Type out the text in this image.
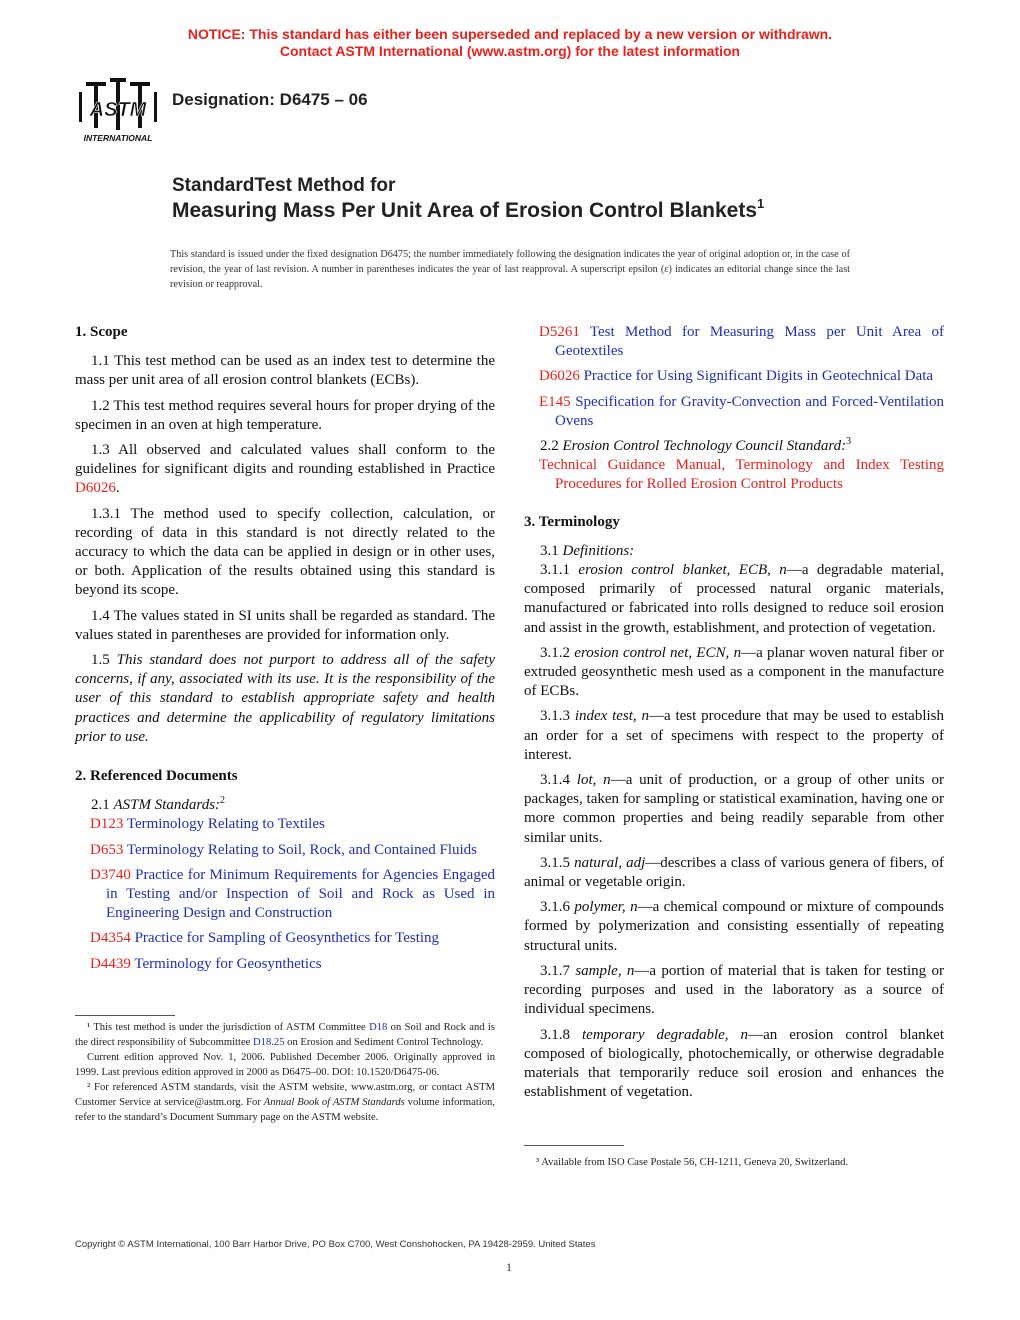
NOTICE: This standard has either been superseded and replaced by a new version or withdrawn.
Contact ASTM International (www.astm.org) for the latest information
ASTM
INTERNATIONAL
Designation: D6475 – 06
StandardTest Method for
Measuring Mass Per Unit Area of Erosion Control Blankets$^1$
This standard is issued under the fixed designation D6475; the number immediately following the designation indicates the year of original adoption or, in the case of revision, the year of last revision. A number in parentheses indicates the year of last reapproval. A superscript epsilon (ε) indicates an editorial change since the last revision or reapproval.
1. Scope

1.1 This test method can be used as an index test to determine the mass per unit area of all erosion control blankets (ECBs).

1.2 This test method requires several hours for proper drying of the specimen in an oven at high temperature.

1.3 All observed and calculated values shall conform to the guidelines for significant digits and rounding established in Practice D6026.

1.3.1 The method used to specify collection, calculation, or recording of data in this standard is not directly related to the accuracy to which the data can be applied in design or in other uses, or both. Application of the results obtained using this standard is beyond its scope.

1.4 The values stated in SI units shall be regarded as standard. The values stated in parentheses are provided for information only.

1.5 This standard does not purport to address all of the safety concerns, if any, associated with its use. It is the responsibility of the user of this standard to establish appropriate safety and health practices and determine the applicability of regulatory limitations prior to use.

2. Referenced Documents

2.1 ASTM Standards:$^2$

D123 Terminology Relating to Textiles

D653 Terminology Relating to Soil, Rock, and Contained Fluids

D3740 Practice for Minimum Requirements for Agencies Engaged in Testing and/or Inspection of Soil and Rock as Used in Engineering Design and Construction

D4354 Practice for Sampling of Geosynthetics for Testing

D4439 Terminology for Geosynthetics

D5261 Test Method for Measuring Mass per Unit Area of Geotextiles

D6026 Practice for Using Significant Digits in Geotechnical Data

E145 Specification for Gravity-Convection and Forced-Ventilation Ovens

2.2 Erosion Control Technology Council Standard:$^3$

Technical Guidance Manual, Terminology and Index Testing Procedures for Rolled Erosion Control Products

3. Terminology

3.1 Definitions:

3.1.1 erosion control blanket, ECB, n—a degradable material, composed primarily of processed natural organic materials, manufactured or fabricated into rolls designed to reduce soil erosion and assist in the growth, establishment, and protection of vegetation.

3.1.2 erosion control net, ECN, n—a planar woven natural fiber or extruded geosynthetic mesh used as a component in the manufacture of ECBs.

3.1.3 index test, n—a test procedure that may be used to establish an order for a set of specimens with respect to the property of interest.

3.1.4 lot, n—a unit of production, or a group of other units or packages, taken for sampling or statistical examination, having one or more common properties and being readily separable from other similar units.

3.1.5 natural, adj—describes a class of various genera of fibers, of animal or vegetable origin.

3.1.6 polymer, n—a chemical compound or mixture of compounds formed by polymerization and consisting essentially of repeating structural units.

3.1.7 sample, n—a portion of material that is taken for testing or recording purposes and used in the laboratory as a source of individual specimens.

3.1.8 temporary degradable, n—an erosion control blanket composed of biologically, photochemically, or otherwise degradable materials that temporarily reduce soil erosion and enhances the establishment of vegetation.

¹ This test method is under the jurisdiction of ASTM Committee D18 on Soil and Rock and is the direct responsibility of Subcommittee D18.25 on Erosion and Sediment Control Technology.

Current edition approved Nov. 1, 2006. Published December 2006. Originally approved in 1999. Last previous edition approved in 2000 as D6475–00. DOI: 10.1520/D6475-06.

² For referenced ASTM standards, visit the ASTM website, www.astm.org, or contact ASTM Customer Service at service@astm.org. For Annual Book of ASTM Standards volume information, refer to the standard’s Document Summary page on the ASTM website.

³ Available from ISO Case Postale 56, CH-1211, Geneva 20, Switzerland.

Copyright © ASTM International, 100 Barr Harbor Drive, PO Box C700, West Conshohocken, PA 19428-2959. United States
1
